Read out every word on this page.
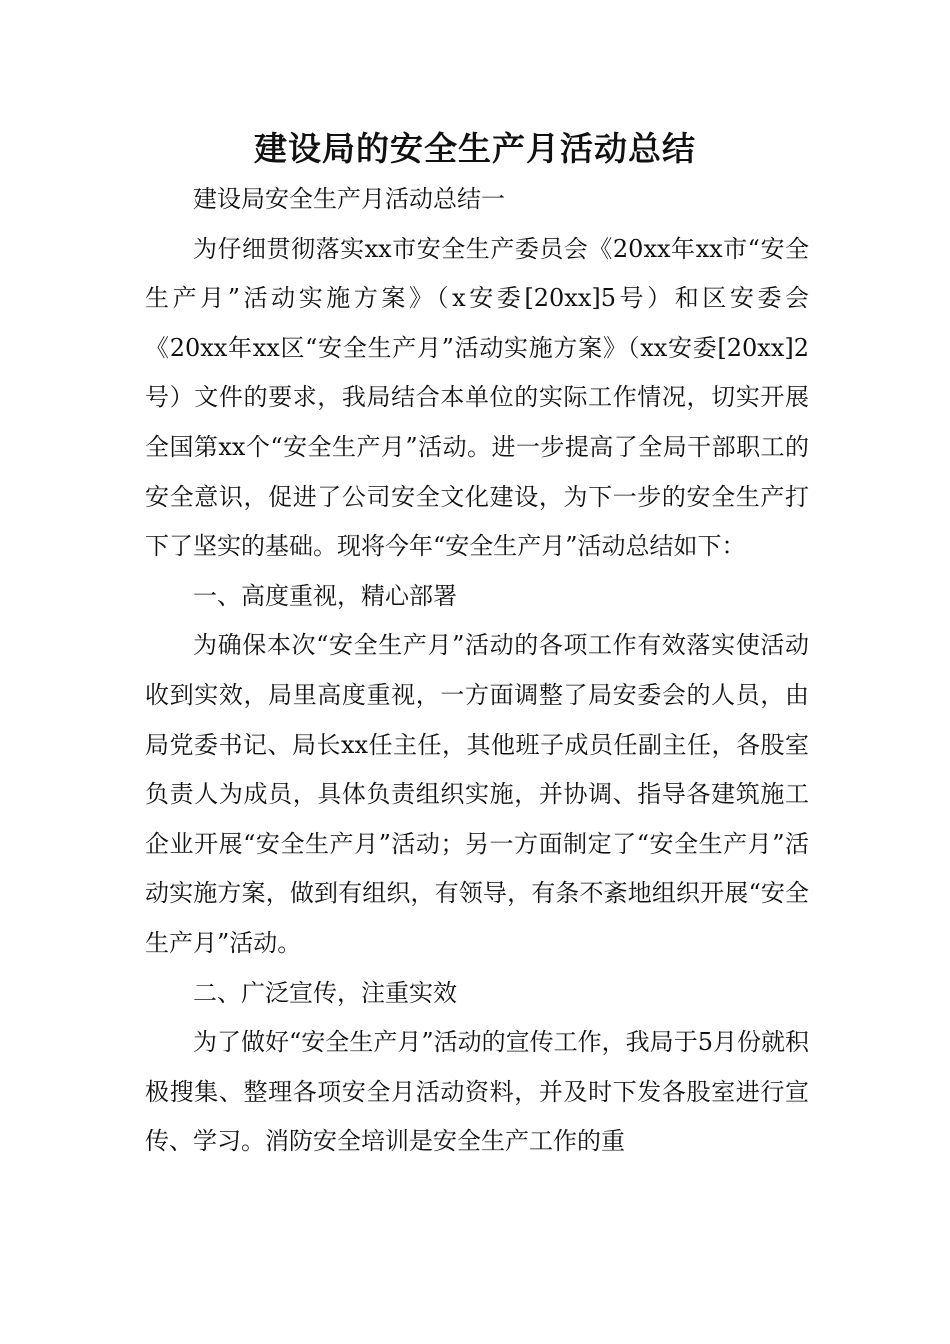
建设局的安全生产月活动总结

建设局安全生产月活动总结一

为仔细贯彻落实xx市安全生产委员会《20xx年xx市“安全生产月”活动实施方案》（x安委[20xx]5号）和区安委会《20xx年xx区“安全生产月”活动实施方案》（xx安委[20xx]2号）文件的要求，我局结合本单位的实际工作情况，切实开展全国第xx个“安全生产月”活动。进一步提高了全局干部职工的安全意识，促进了公司安全文化建设，为下一步的安全生产打下了坚实的基础。现将今年“安全生产月”活动总结如下：

一、高度重视，精心部署

为确保本次“安全生产月”活动的各项工作有效落实使活动收到实效，局里高度重视，一方面调整了局安委会的人员，由局党委书记、局长xx任主任，其他班子成员任副主任，各股室负责人为成员，具体负责组织实施，并协调、指导各建筑施工企业开展“安全生产月”活动；另一方面制定了“安全生产月”活动实施方案，做到有组织，有领导，有条不紊地组织开展“安全生产月”活动。

二、广泛宣传，注重实效

为了做好“安全生产月”活动的宣传工作，我局于5月份就积极搜集、整理各项安全月活动资料，并及时下发各股室进行宣传、学习。消防安全培训是安全生产工作的重
